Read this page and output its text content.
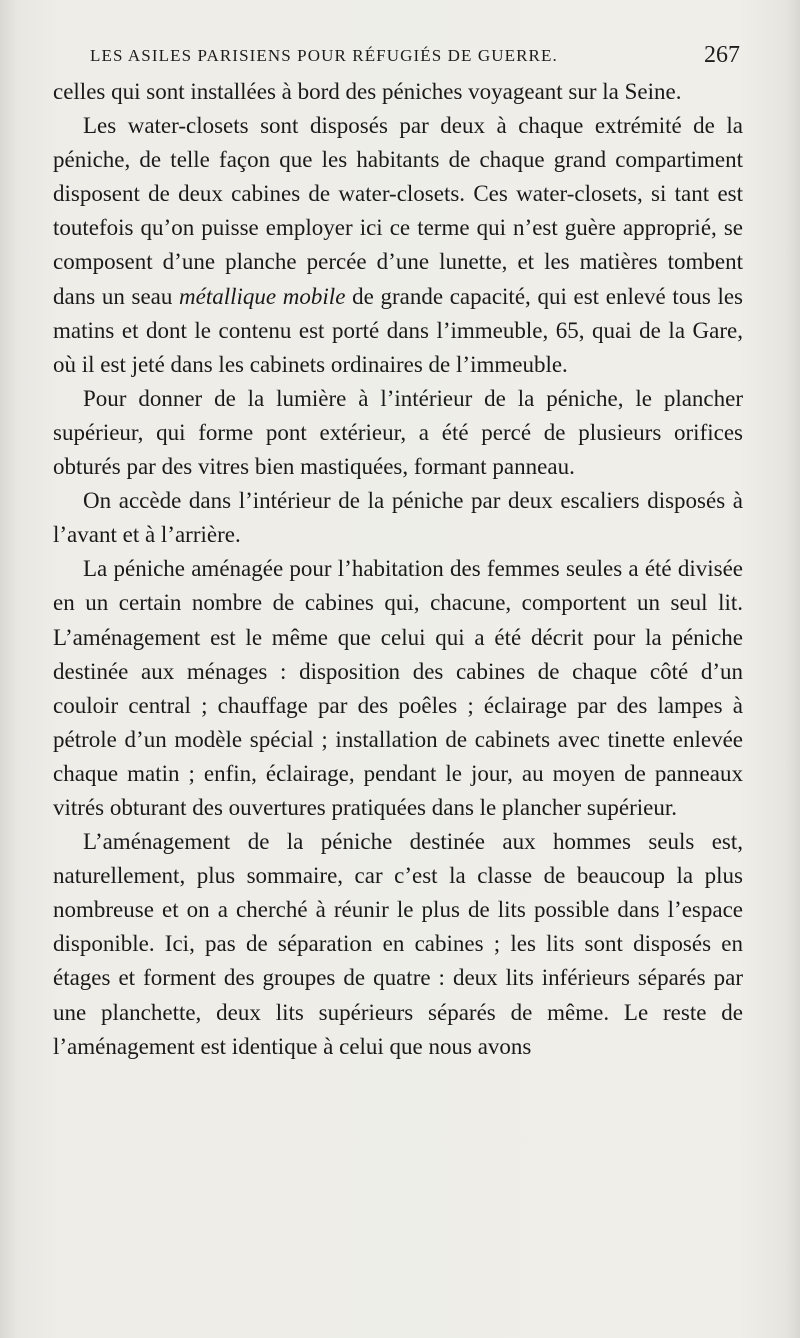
LES ASILES PARISIENS POUR RÉFUGIÉS DE GUERRE.	267

celles qui sont installées à bord des péniches voyageant sur la Seine.

Les water-closets sont disposés par deux à chaque extrémité de la péniche, de telle façon que les habitants de chaque grand compartiment disposent de deux cabines de water-closets. Ces water-closets, si tant est toutefois qu’on puisse employer ici ce terme qui n’est guère approprié, se composent d’une planche percée d’une lunette, et les matières tombent dans un seau métallique mobile de grande capacité, qui est enlevé tous les matins et dont le contenu est porté dans l’immeuble, 65, quai de la Gare, où il est jeté dans les cabinets ordinaires de l’immeuble.

Pour donner de la lumière à l’intérieur de la péniche, le plancher supérieur, qui forme pont extérieur, a été percé de plusieurs orifices obturés par des vitres bien mastiquées, formant panneau.

On accède dans l’intérieur de la péniche par deux escaliers disposés à l’avant et à l’arrière.

La péniche aménagée pour l’habitation des femmes seules a été divisée en un certain nombre de cabines qui, chacune, comportent un seul lit. L’aménagement est le même que celui qui a été décrit pour la péniche destinée aux ménages : disposition des cabines de chaque côté d’un couloir central ; chauffage par des poêles ; éclairage par des lampes à pétrole d’un modèle spécial ; installation de cabinets avec tinette enlevée chaque matin ; enfin, éclairage, pendant le jour, au moyen de panneaux vitrés obturant des ouvertures pratiquées dans le plancher supérieur.

L’aménagement de la péniche destinée aux hommes seuls est, naturellement, plus sommaire, car c’est la classe de beaucoup la plus nombreuse et on a cherché à réunir le plus de lits possible dans l’espace disponible. Ici, pas de séparation en cabines ; les lits sont disposés en étages et forment des groupes de quatre : deux lits inférieurs séparés par une planchette, deux lits supérieurs séparés de même. Le reste de l’aménagement est identique à celui que nous avons
